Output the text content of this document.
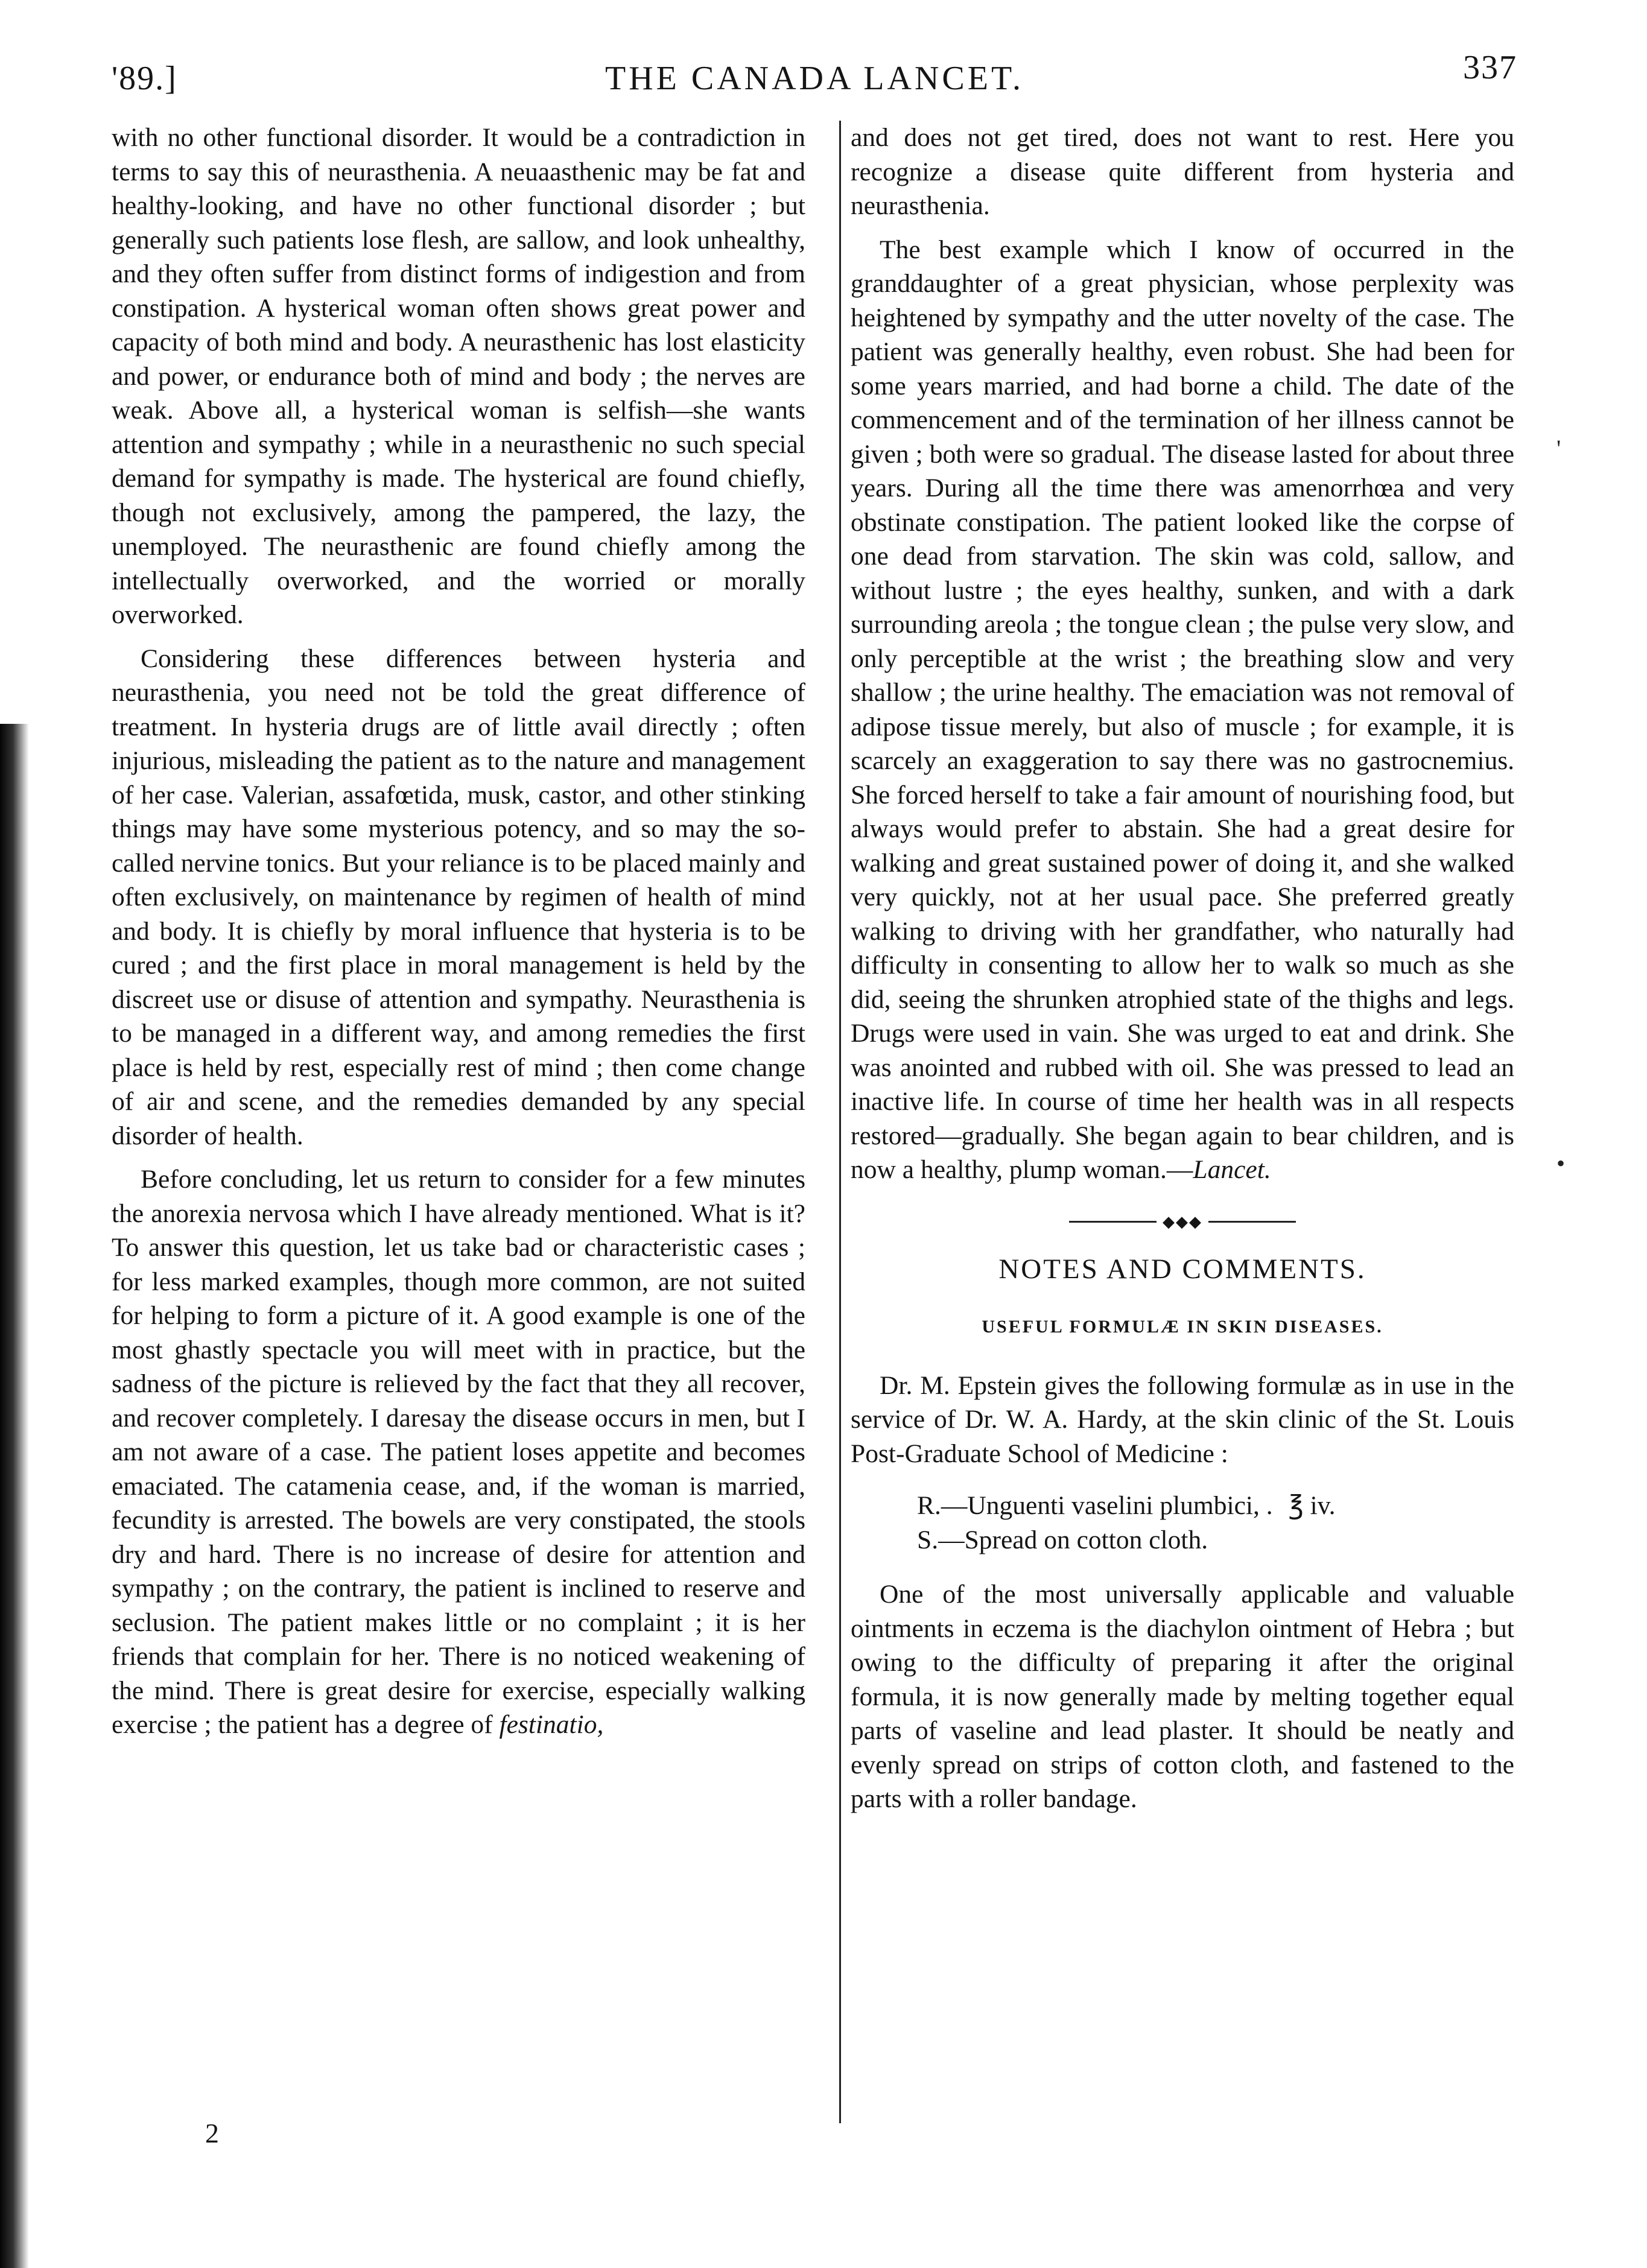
'89.]	THE CANADA LANCET.	337

with no other functional disorder. It would be a contradiction in terms to say this of neurasthenia. A neuaasthenic may be fat and healthy-looking, and have no other functional disorder ; but generally such patients lose flesh, are sallow, and look unhealthy, and they often suffer from distinct forms of indigestion and from constipation. A hysterical woman often shows great power and capacity of both mind and body. A neurasthenic has lost elasticity and power, or endurance both of mind and body ; the nerves are weak. Above all, a hysterical woman is selfish—she wants attention and sympathy ; while in a neurasthenic no such special demand for sympathy is made. The hysterical are found chiefly, though not exclusively, among the pampered, the lazy, the unemployed. The neurasthenic are found chiefly among the intellectually overworked, and the worried or morally overworked.

Considering these differences between hysteria and neurasthenia, you need not be told the great difference of treatment. In hysteria drugs are of little avail directly ; often injurious, misleading the patient as to the nature and management of her case. Valerian, assafœtida, musk, castor, and other stinking things may have some mysterious potency, and so may the so-called nervine tonics. But your reliance is to be placed mainly and often exclusively, on maintenance by regimen of health of mind and body. It is chiefly by moral influence that hysteria is to be cured ; and the first place in moral management is held by the discreet use or disuse of attention and sympathy. Neurasthenia is to be managed in a different way, and among remedies the first place is held by rest, especially rest of mind ; then come change of air and scene, and the remedies demanded by any special disorder of health.

Before concluding, let us return to consider for a few minutes the anorexia nervosa which I have already mentioned. What is it? To answer this question, let us take bad or characteristic cases ; for less marked examples, though more common, are not suited for helping to form a picture of it. A good example is one of the most ghastly spectacle you will meet with in practice, but the sadness of the picture is relieved by the fact that they all recover, and recover completely. I daresay the disease occurs in men, but I am not aware of a case. The patient loses appetite and becomes emaciated. The catamenia cease, and, if the woman is married, fecundity is arrested. The bowels are very constipated, the stools dry and hard. There is no increase of desire for attention and sympathy ; on the contrary, the patient is inclined to reserve and seclusion. The patient makes little or no complaint ; it is her friends that complain for her. There is no noticed weakening of the mind. There is great desire for exercise, especially walking exercise ; the patient has a degree of festinatio,

and does not get tired, does not want to rest. Here you recognize a disease quite different from hysteria and neurasthenia.

The best example which I know of occurred in the granddaughter of a great physician, whose perplexity was heightened by sympathy and the utter novelty of the case. The patient was generally healthy, even robust. She had been for some years married, and had borne a child. The date of the commencement and of the termination of her illness cannot be given ; both were so gradual. The disease lasted for about three years. During all the time there was amenorrhœa and very obstinate constipation. The patient looked like the corpse of one dead from starvation. The skin was cold, sallow, and without lustre ; the eyes healthy, sunken, and with a dark surrounding areola ; the tongue clean ; the pulse very slow, and only perceptible at the wrist ; the breathing slow and very shallow ; the urine healthy. The emaciation was not removal of adipose tissue merely, but also of muscle ; for example, it is scarcely an exaggeration to say there was no gastrocnemius. She forced herself to take a fair amount of nourishing food, but always would prefer to abstain. She had a great desire for walking and great sustained power of doing it, and she walked very quickly, not at her usual pace. She preferred greatly walking to driving with her grandfather, who naturally had difficulty in consenting to allow her to walk so much as she did, seeing the shrunken atrophied state of the thighs and legs. Drugs were used in vain. She was urged to eat and drink. She was anointed and rubbed with oil. She was pressed to lead an inactive life. In course of time her health was in all respects restored—gradually. She began again to bear children, and is now a healthy, plump woman.—Lancet.

◆◆◆
NOTES AND COMMENTS.
USEFUL FORMULÆ IN SKIN DISEASES.

Dr. M. Epstein gives the following formulæ as in use in the service of Dr. W. A. Hardy, at the skin clinic of the St. Louis Post-Graduate School of Medicine :

R.—Unguenti vaselini plumbici, . ℥ iv.
S.—Spread on cotton cloth.

One of the most universally applicable and valuable ointments in eczema is the diachylon ointment of Hebra ; but owing to the difficulty of preparing it after the original formula, it is now generally made by melting together equal parts of vaseline and lead plaster. It should be neatly and evenly spread on strips of cotton cloth, and fastened to the parts with a roller bandage.

2
'
•
